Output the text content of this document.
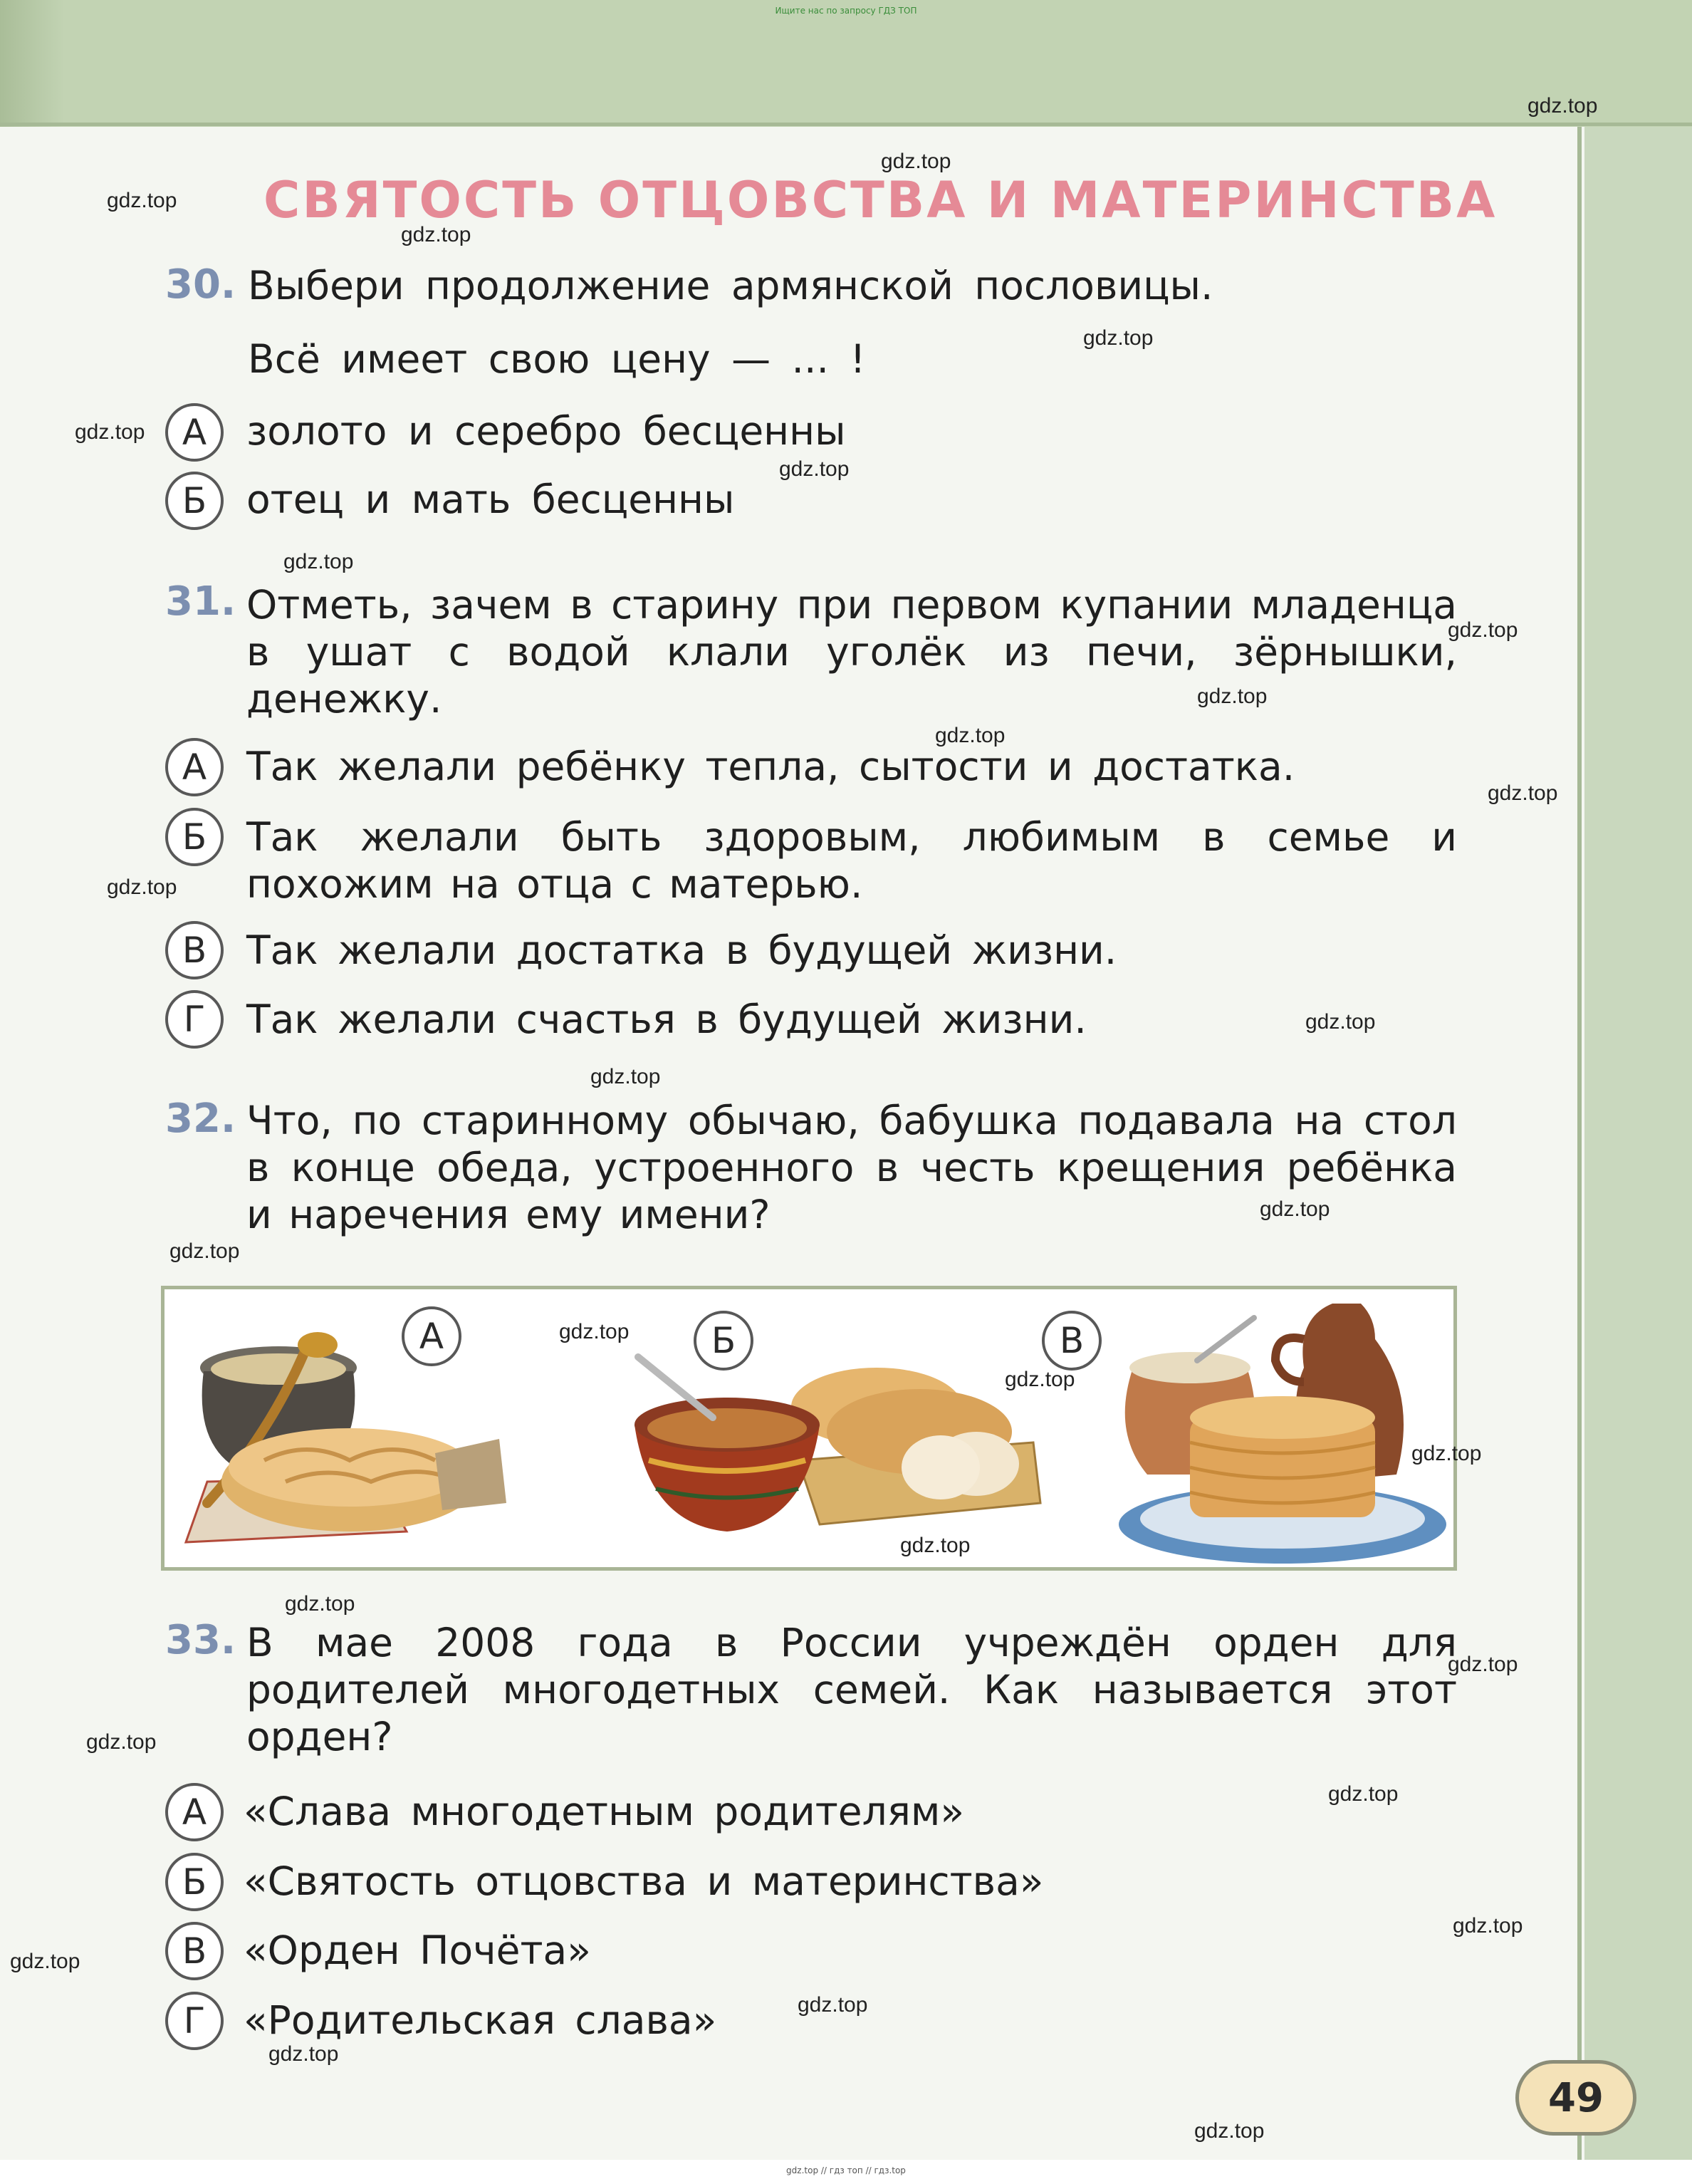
Ищите нас по запросу ГДЗ ТОП
gdz.top // гдз топ // гдз.top
СВЯТОСТЬ ОТЦОВСТВА И МАТЕРИНСТВА
30. Выбери продолжение армянской пословицы.
Всё имеет свою цену — ... !
А	золото и серебро бесценны
Б	отец и мать бесценны
31. Отметь, зачем в старину при первом купании младенца в ушат с водой клали уголёк из печи, зёрнышки, денежку.
А	Так желали ребёнку тепла, сытости и достатка.
Б	Так желали быть здоровым, любимым в семье и похожим на отца с матерью.
В	Так желали достатка в будущей жизни.
Г	Так желали счастья в будущей жизни.
32. Что, по старинному обычаю, бабушка подавала на стол в конце обеда, устроенного в честь крещения ребёнка и наречения ему имени?
А	Б	В
33. В мае 2008 года в России учреждён орден для родителей многодетных семей. Как называется этот орден?
А «Слава многодетным родителям»
Б «Святость отцовства и материнства»
В «Орден Почёта»
Г «Родительская слава»
49
gdz.top
gdz.top
gdz.top
gdz.top
gdz.top
gdz.top
gdz.top
gdz.top
gdz.top
gdz.top
gdz.top
gdz.top
gdz.top
gdz.top
gdz.top
gdz.top
gdz.top
gdz.top
gdz.top
gdz.top
gdz.top
gdz.top
gdz.top
gdz.top
gdz.top
gdz.top
gdz.top
gdz.top
gdz.top
gdz.top
